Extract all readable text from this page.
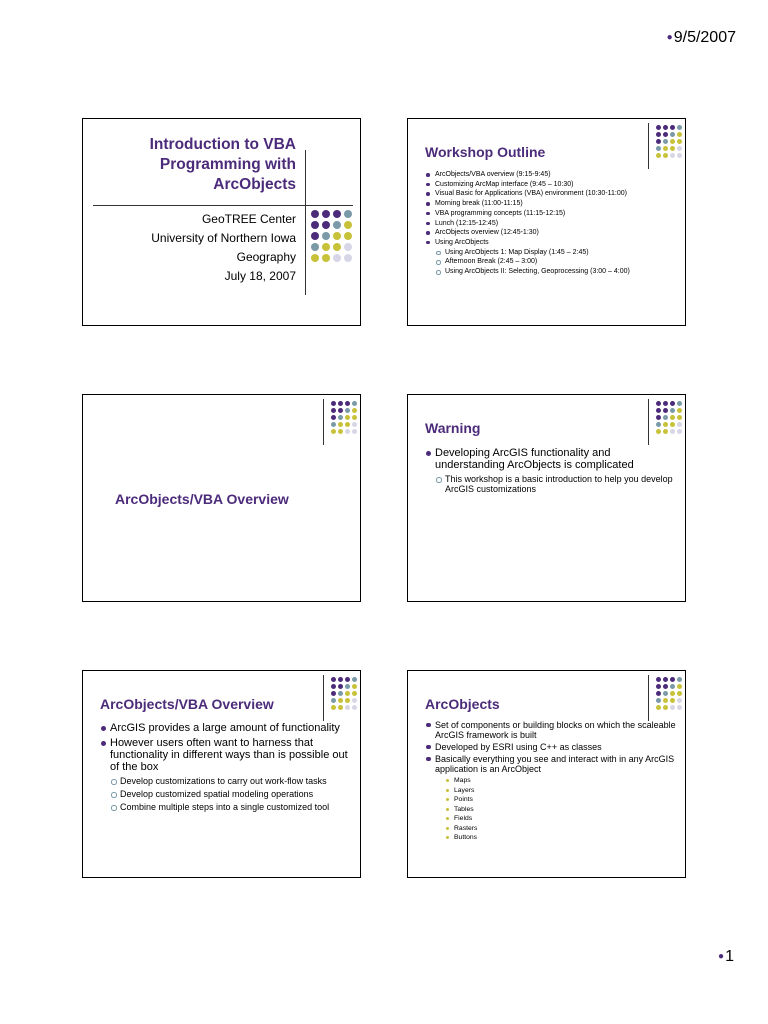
●9/5/2007
Introduction to VBA
Programming with
ArcObjects
GeoTREE Center
University of Northern Iowa
Geography
July 18, 2007
Workshop Outline
ArcObjects/VBA overview (9:15-9:45)
Customizing ArcMap interface (9:45 – 10:30)
Visual Basic for Applications (VBA) environment (10:30-11:00)
Morning break (11:00-11:15)
VBA programming concepts (11:15-12:15)
Lunch (12:15-12:45)
ArcObjects overview (12:45-1:30)
Using ArcObjects
Using ArcObjects 1: Map Display (1:45 – 2:45)
Afternoon Break (2:45 – 3:00)
Using ArcObjects II: Selecting, Geoprocessing (3:00 – 4:00)
ArcObjects/VBA Overview
Warning
Developing ArcGIS functionality and understanding ArcObjects is complicated
This workshop is a basic introduction to help you develop ArcGIS customizations
ArcObjects/VBA Overview
ArcGIS provides a large amount of functionality
However users often want to harness that functionality in different ways than is possible out of the box
Develop customizations to carry out work-flow tasks
Develop customized spatial modeling operations
Combine multiple steps into a single customized tool
ArcObjects
Set of components or building blocks on which the scaleable ArcGIS framework is built
Developed by ESRI using C++ as classes
Basically everything you see and interact with in any ArcGIS application is an ArcObject
Maps
Layers
Points
Tables
Fields
Rasters
Buttons
●1
